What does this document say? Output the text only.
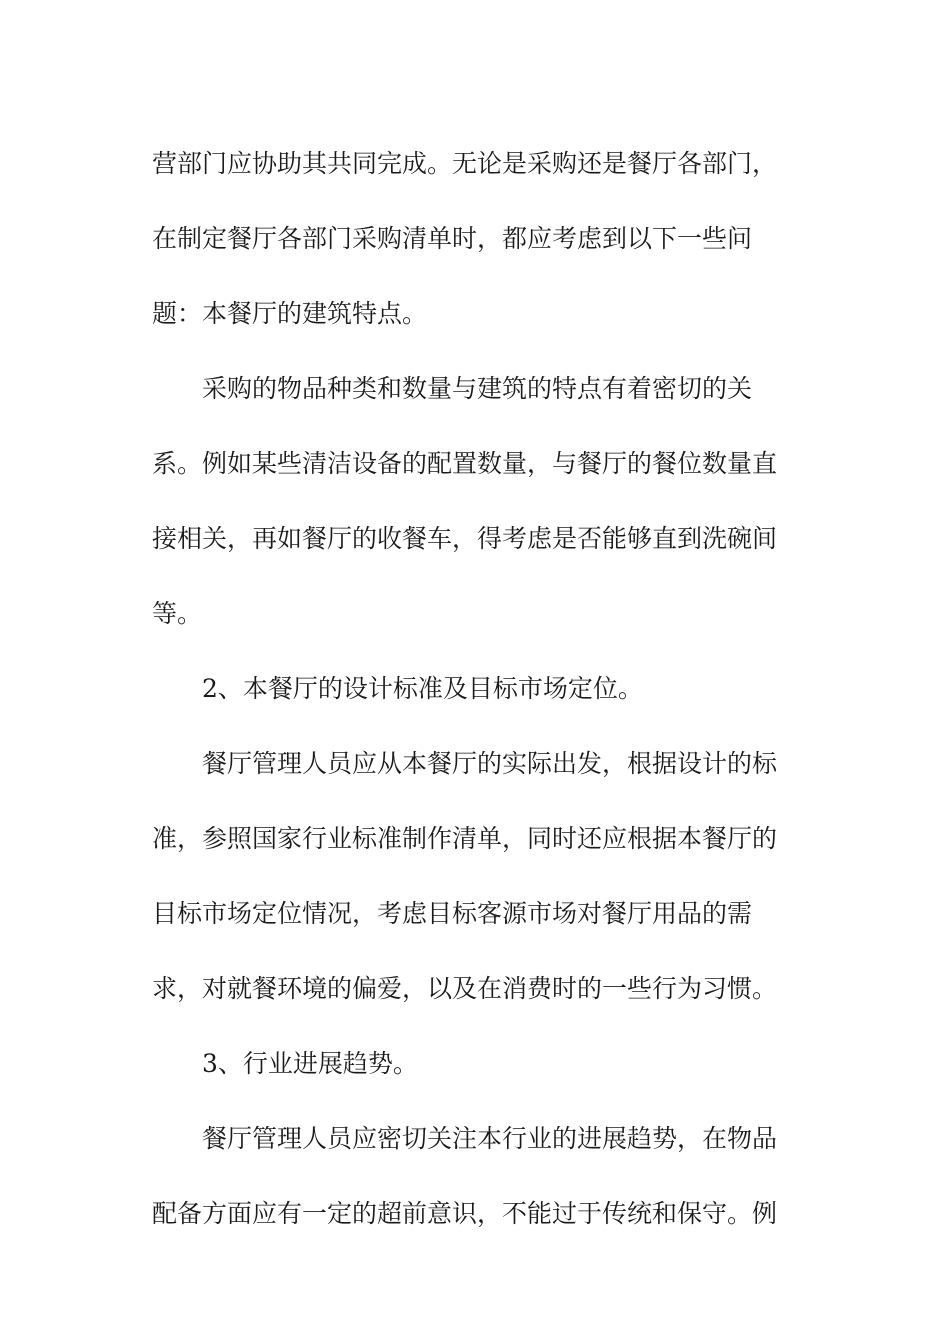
营部门应协助其共同完成。无论是采购还是餐厅各部门，
在制定餐厅各部门采购清单时，都应考虑到以下一些问
题：本餐厅的建筑特点。
采购的物品种类和数量与建筑的特点有着密切的关
系。例如某些清洁设备的配置数量，与餐厅的餐位数量直
接相关，再如餐厅的收餐车，得考虑是否能够直到洗碗间
等。
2、本餐厅的设计标准及目标市场定位。
餐厅管理人员应从本餐厅的实际出发，根据设计的标
准，参照国家行业标准制作清单，同时还应根据本餐厅的
目标市场定位情况，考虑目标客源市场对餐厅用品的需
求，对就餐环境的偏爱，以及在消费时的一些行为习惯。
3、行业进展趋势。
餐厅管理人员应密切关注本行业的进展趋势，在物品
配备方面应有一定的超前意识，不能过于传统和保守。例
